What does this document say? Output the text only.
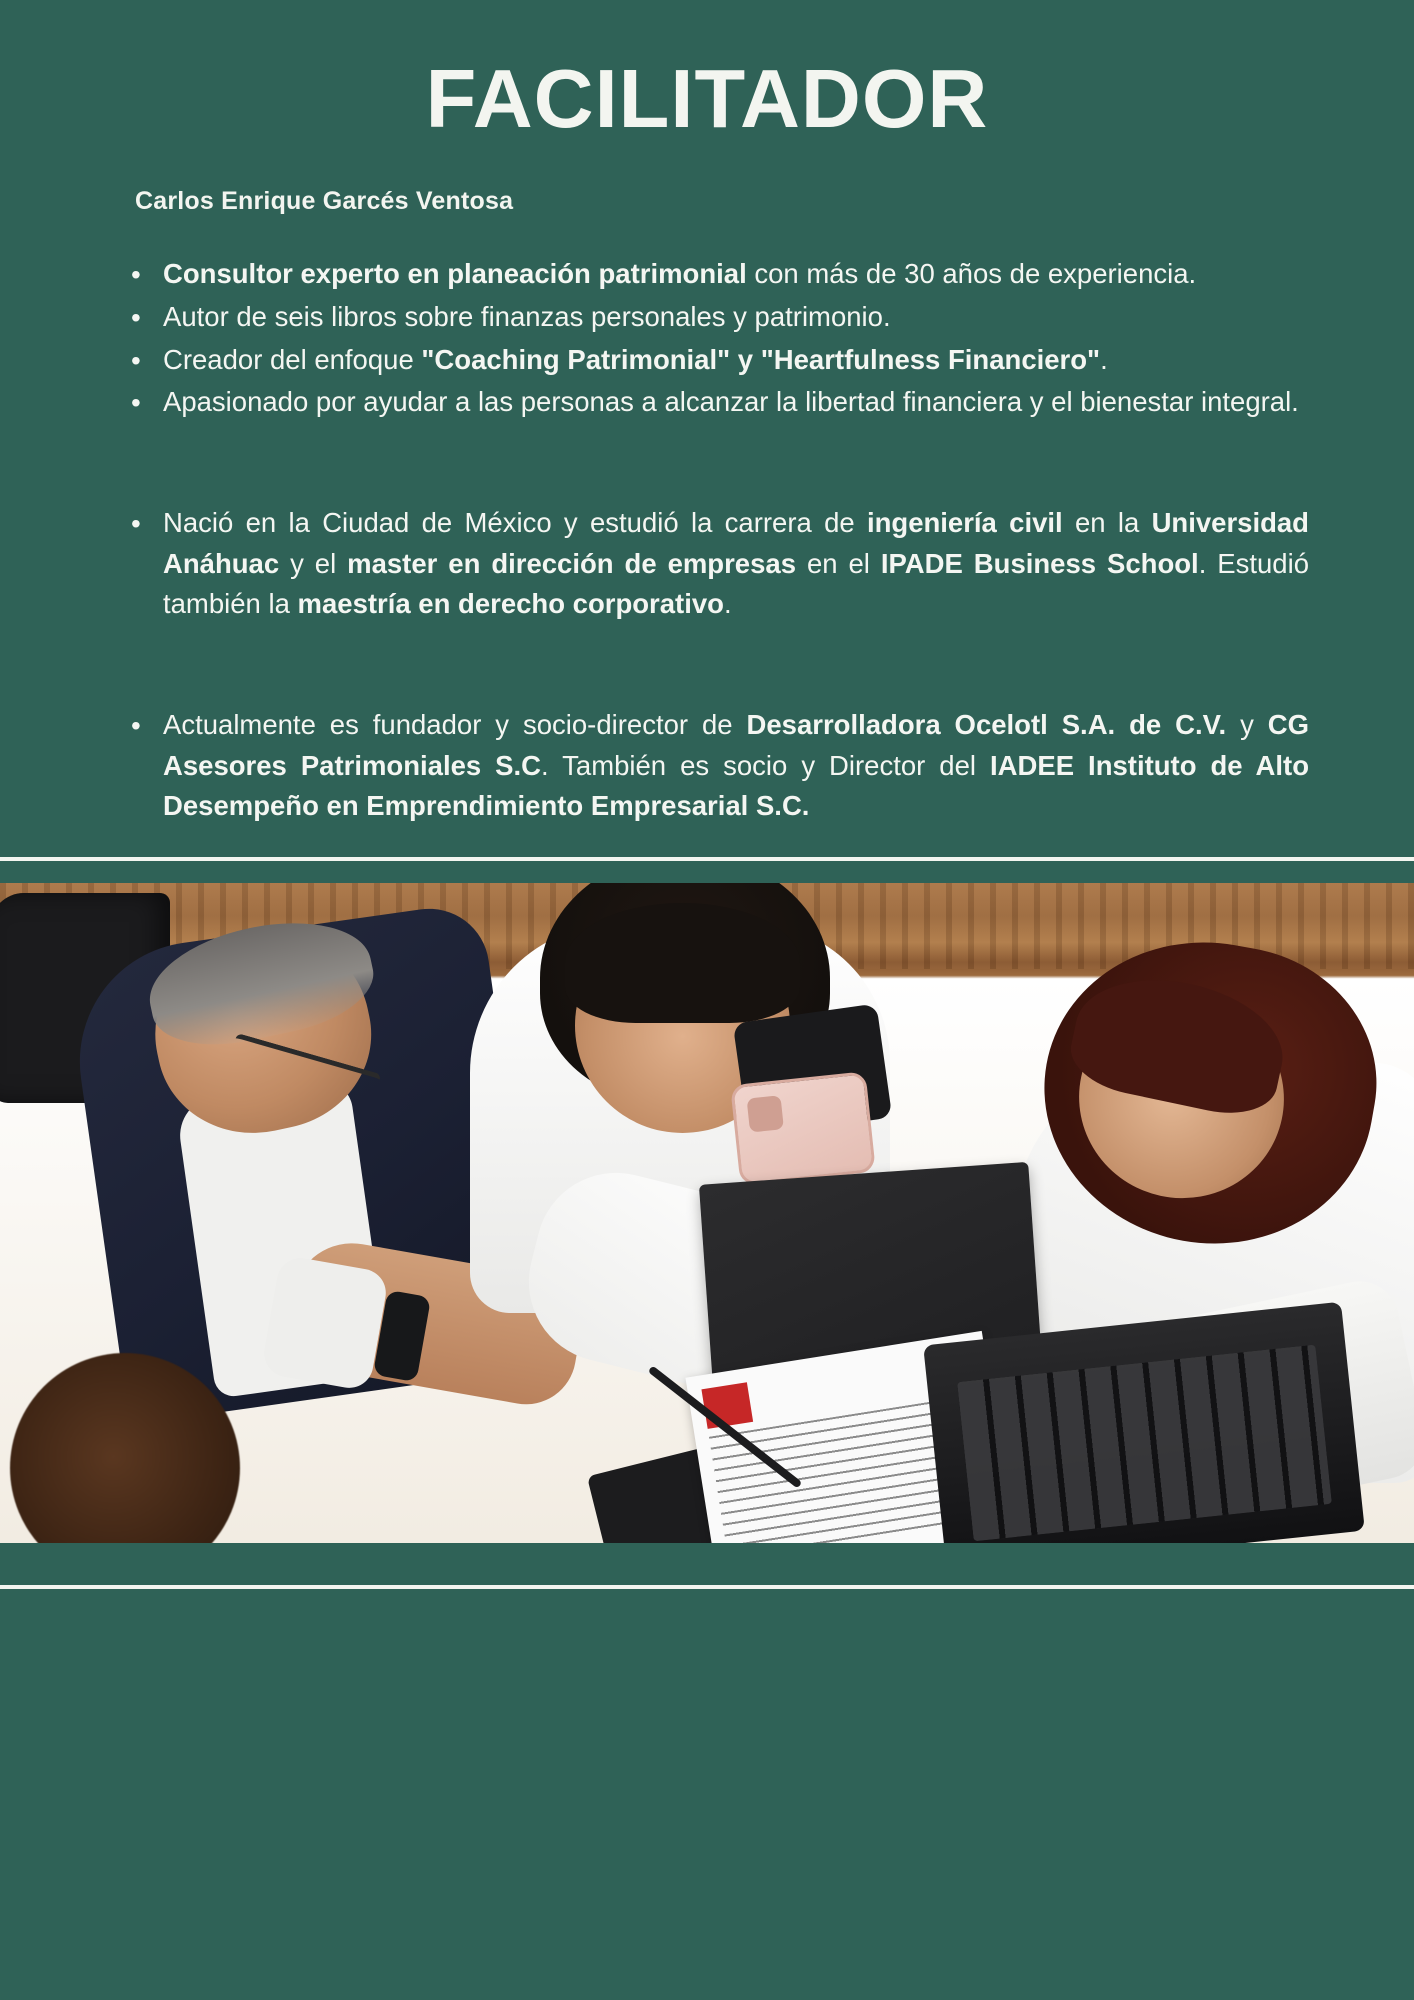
FACILITADOR
Carlos Enrique Garcés Ventosa
• Consultor experto en planeación patrimonial con más de 30 años de experiencia.
• Autor de seis libros sobre finanzas personales y patrimonio.
• Creador del enfoque "Coaching Patrimonial" y "Heartfulness Financiero".
• Apasionado por ayudar a las personas a alcanzar la libertad financiera y el bienestar integral.
• Nació en la Ciudad de México y estudió la carrera de ingeniería civil en la Universidad Anáhuac y el master en dirección de empresas en el IPADE Business School. Estudió también la maestría en derecho corporativo.
• Actualmente es fundador y socio-director de Desarrolladora Ocelotl S.A. de C.V. y CG Asesores Patrimoniales S.C. También es socio y Director del IADEE Instituto de Alto Desempeño en Emprendimiento Empresarial S.C.
